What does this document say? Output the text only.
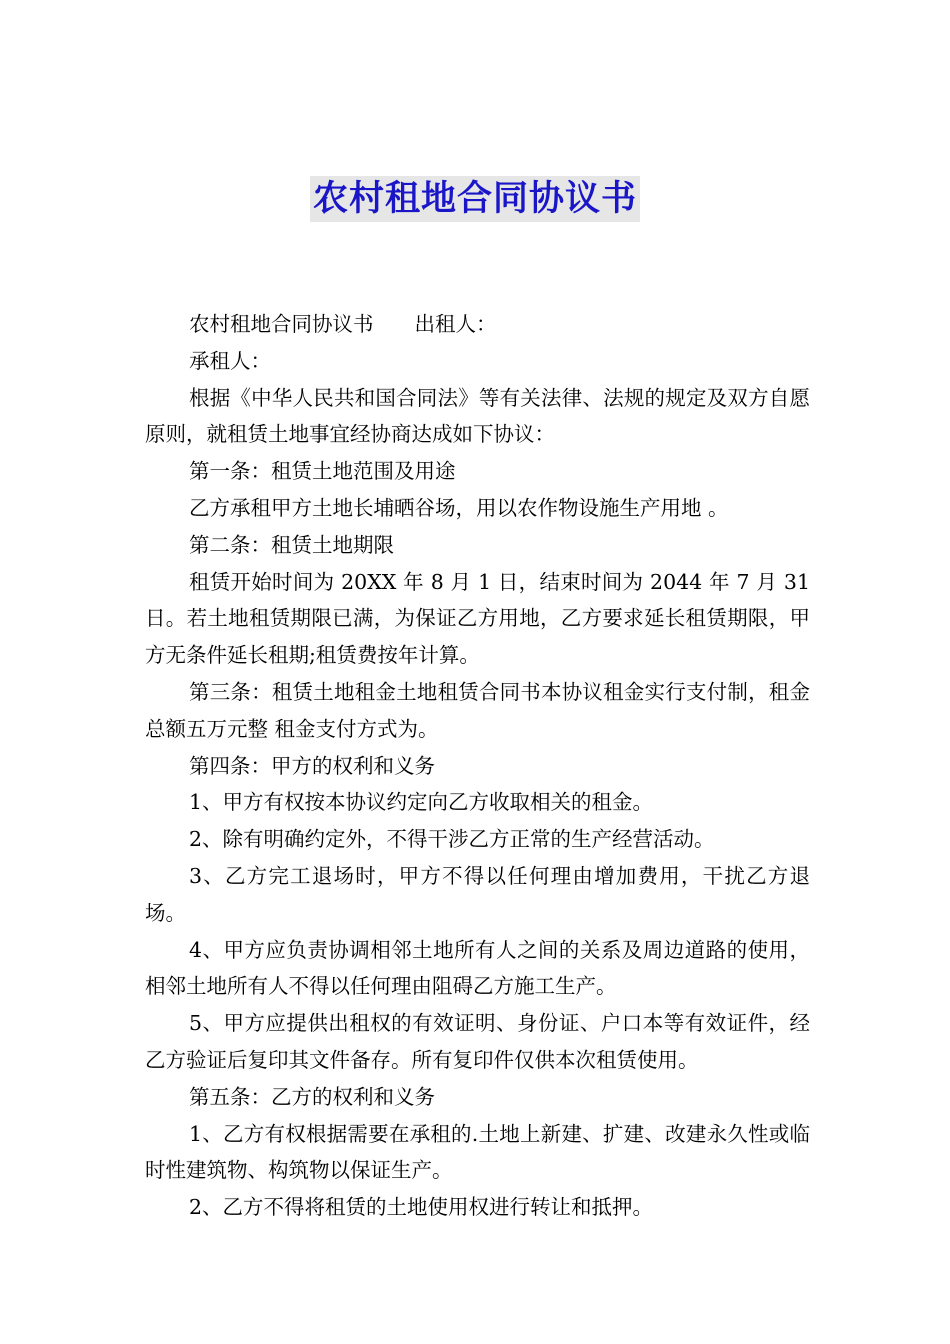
农村租地合同协议书

农村租地合同协议书　　出租人：

承租人：

根据《中华人民共和国合同法》等有关法律、法规的规定及双方自愿原则，就租赁土地事宜经协商达成如下协议：

第一条：租赁土地范围及用途

乙方承租甲方土地长埔晒谷场，用以农作物设施生产用地 。

第二条：租赁土地期限

租赁开始时间为 20XX 年 8 月 1 日，结束时间为 2044 年 7 月 31 日。若土地租赁期限已满，为保证乙方用地，乙方要求延长租赁期限，甲方无条件延长租期;租赁费按年计算。

第三条：租赁土地租金土地租赁合同书本协议租金实行支付制，租金总额五万元整 租金支付方式为。

第四条：甲方的权利和义务

1、甲方有权按本协议约定向乙方收取相关的租金。

2、除有明确约定外，不得干涉乙方正常的生产经营活动。

3、乙方完工退场时，甲方不得以任何理由增加费用，干扰乙方退场。

4、甲方应负责协调相邻土地所有人之间的关系及周边道路的使用，相邻土地所有人不得以任何理由阻碍乙方施工生产。

5、甲方应提供出租权的有效证明、身份证、户口本等有效证件，经乙方验证后复印其文件备存。所有复印件仅供本次租赁使用。

第五条：乙方的权利和义务

1、乙方有权根据需要在承租的.土地上新建、扩建、改建永久性或临时性建筑物、构筑物以保证生产。

2、乙方不得将租赁的土地使用权进行转让和抵押。
